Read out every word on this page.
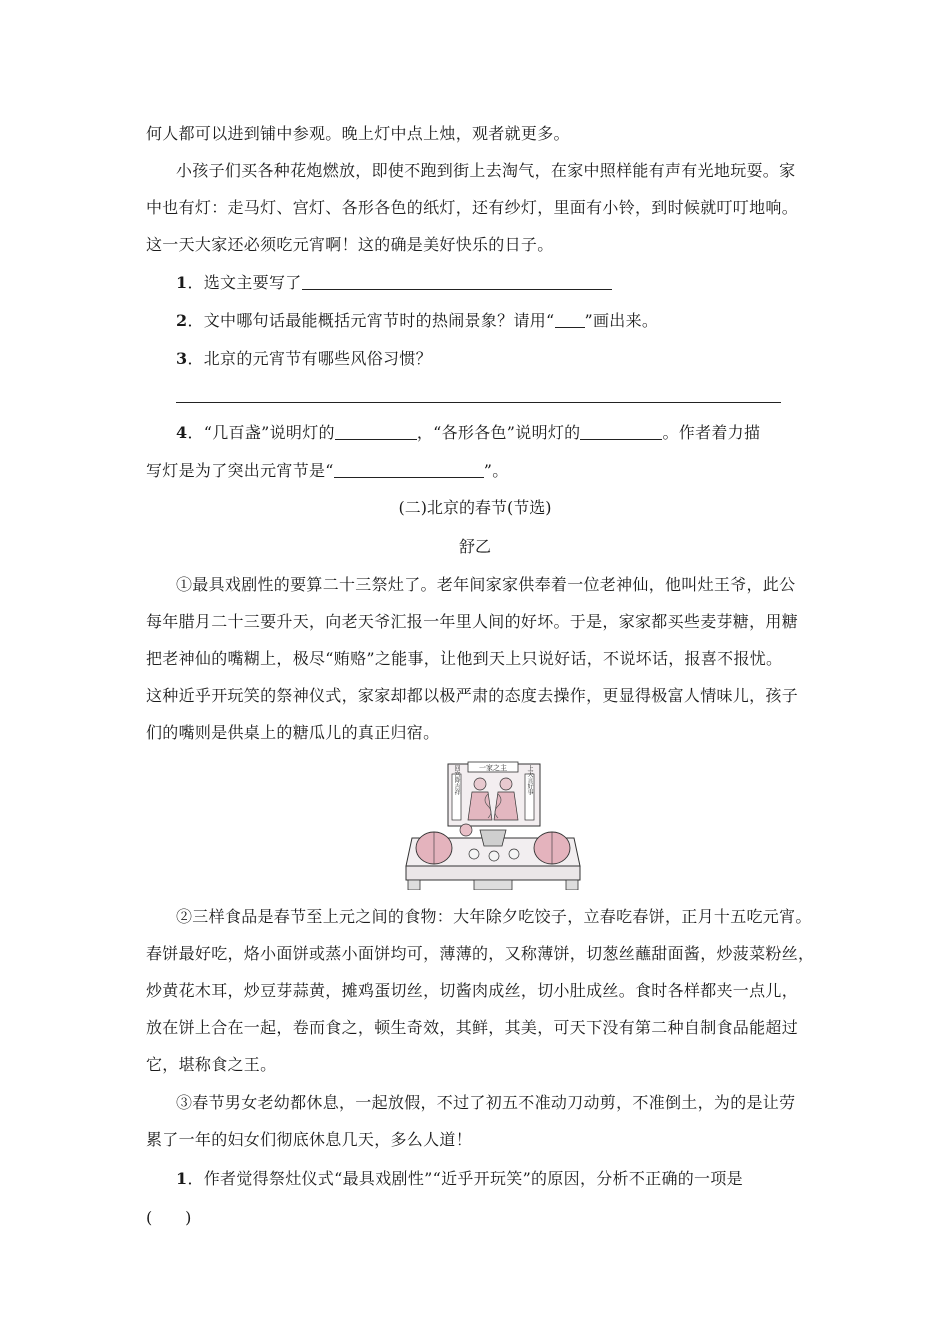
何人都可以进到铺中参观。晚上灯中点上烛，观者就更多。

小孩子们买各种花炮燃放，即使不跑到街上去淘气，在家中照样能有声有光地玩耍。家

中也有灯：走马灯、宫灯、各形各色的纸灯，还有纱灯，里面有小铃，到时候就叮叮地响。

这一天大家还必须吃元宵啊！这的确是美好快乐的日子。

1．选文主要写了

2．文中哪句话最能概括元宵节时的热闹景象？请用“ ”画出来。

3．北京的元宵节有哪些风俗习惯？

4．“几百盏”说明灯的	，“各形各色”说明灯的	。作者着力描

写灯是为了突出元宵节是“	”。

(二)北京的春节(节选)

舒乙

①最具戏剧性的要算二十三祭灶了。老年间家家供奉着一位老神仙，他叫灶王爷，此公

每年腊月二十三要升天，向老天爷汇报一年里人间的好坏。于是，家家都买些麦芽糖，用糖

把老神仙的嘴糊上，极尽“贿赂”之能事，让他到天上只说好话，不说坏话，报喜不报忧。

这种近乎开玩笑的祭神仪式，家家却都以极严肃的态度去操作，更显得极富人情味儿，孩子

们的嘴则是供桌上的糖瓜儿的真正归宿。

一家之主
回宫降吉祥	上天言好事

②三样食品是春节至上元之间的食物：大年除夕吃饺子，立春吃春饼，正月十五吃元宵。

春饼最好吃，烙小面饼或蒸小面饼均可，薄薄的，又称薄饼，切葱丝蘸甜面酱，炒菠菜粉丝，

炒黄花木耳，炒豆芽蒜黄，摊鸡蛋切丝，切酱肉成丝，切小肚成丝。食时各样都夹一点儿，

放在饼上合在一起，卷而食之，顿生奇效，其鲜，其美，可天下没有第二种自制食品能超过

它，堪称食之王。

③春节男女老幼都休息，一起放假，不过了初五不准动刀动剪，不准倒土，为的是让劳

累了一年的妇女们彻底休息几天，多么人道！

1．作者觉得祭灶仪式“最具戏剧性”“近乎开玩笑”的原因，分析不正确的一项是

(　　)
